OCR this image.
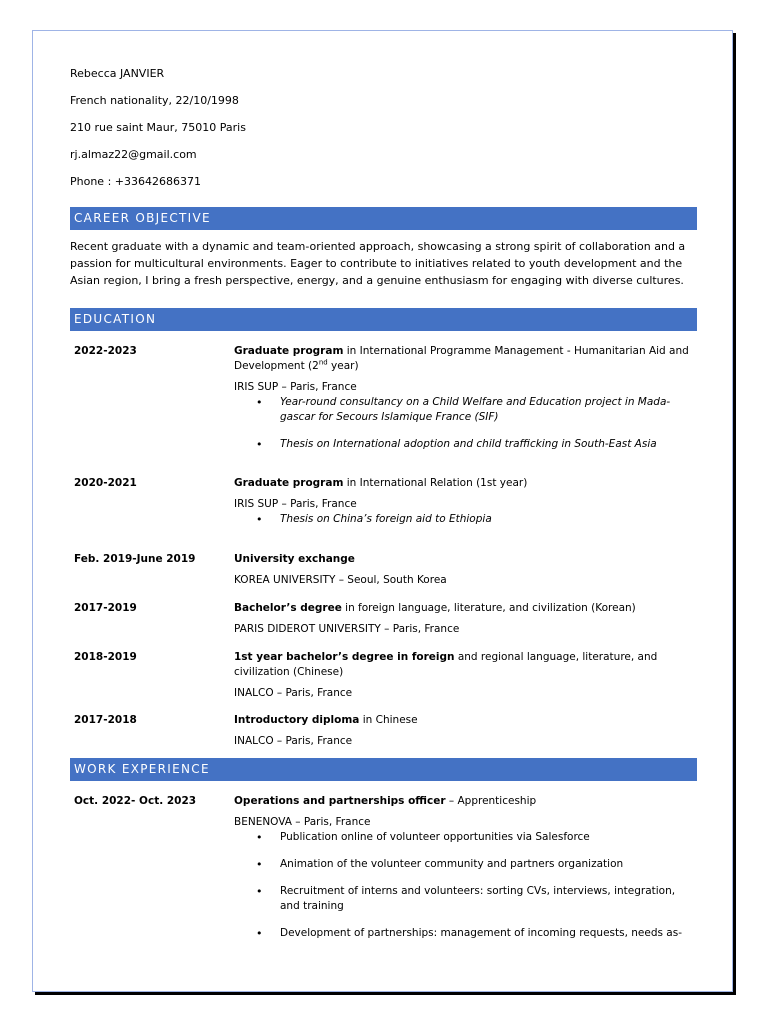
Rebecca JANVIER
French nationality, 22/10/1998
210 rue saint Maur, 75010 Paris
rj.almaz22@gmail.com
Phone : +33642686371
CAREER OBJECTIVE
Recent graduate with a dynamic and team-oriented approach, showcasing a strong spirit of collaboration and a passion for multicultural environments. Eager to contribute to initiatives related to youth development and the Asian region, I bring a fresh perspective, energy, and a genuine enthusiasm for engaging with diverse cultures.
EDUCATION
2022-2023	Graduate program in International Programme Management - Humanitarian Aid and Development (2nd year)
IRIS SUP – Paris, France
• Year-round consultancy on a Child Welfare and Education project in Mada-gascar for Secours Islamique France (SIF)
• Thesis on International adoption and child trafficking in South-East Asia
2020-2021	Graduate program in International Relation (1st year)
IRIS SUP – Paris, France
• Thesis on China’s foreign aid to Ethiopia
Feb. 2019-June 2019	University exchange
KOREA UNIVERSITY – Seoul, South Korea
2017-2019	Bachelor’s degree in foreign language, literature, and civilization (Korean)
PARIS DIDEROT UNIVERSITY – Paris, France
2018-2019	1st year bachelor’s degree in foreign and regional language, literature, and civilization (Chinese)
INALCO – Paris, France
2017-2018	Introductory diploma in Chinese
INALCO – Paris, France
WORK EXPERIENCE
Oct. 2022- Oct. 2023	Operations and partnerships officer – Apprenticeship
BENENOVA – Paris, France
• Publication online of volunteer opportunities via Salesforce
• Animation of the volunteer community and partners organization
• Recruitment of interns and volunteers: sorting CVs, interviews, integration, and training
• Development of partnerships: management of incoming requests, needs as-
